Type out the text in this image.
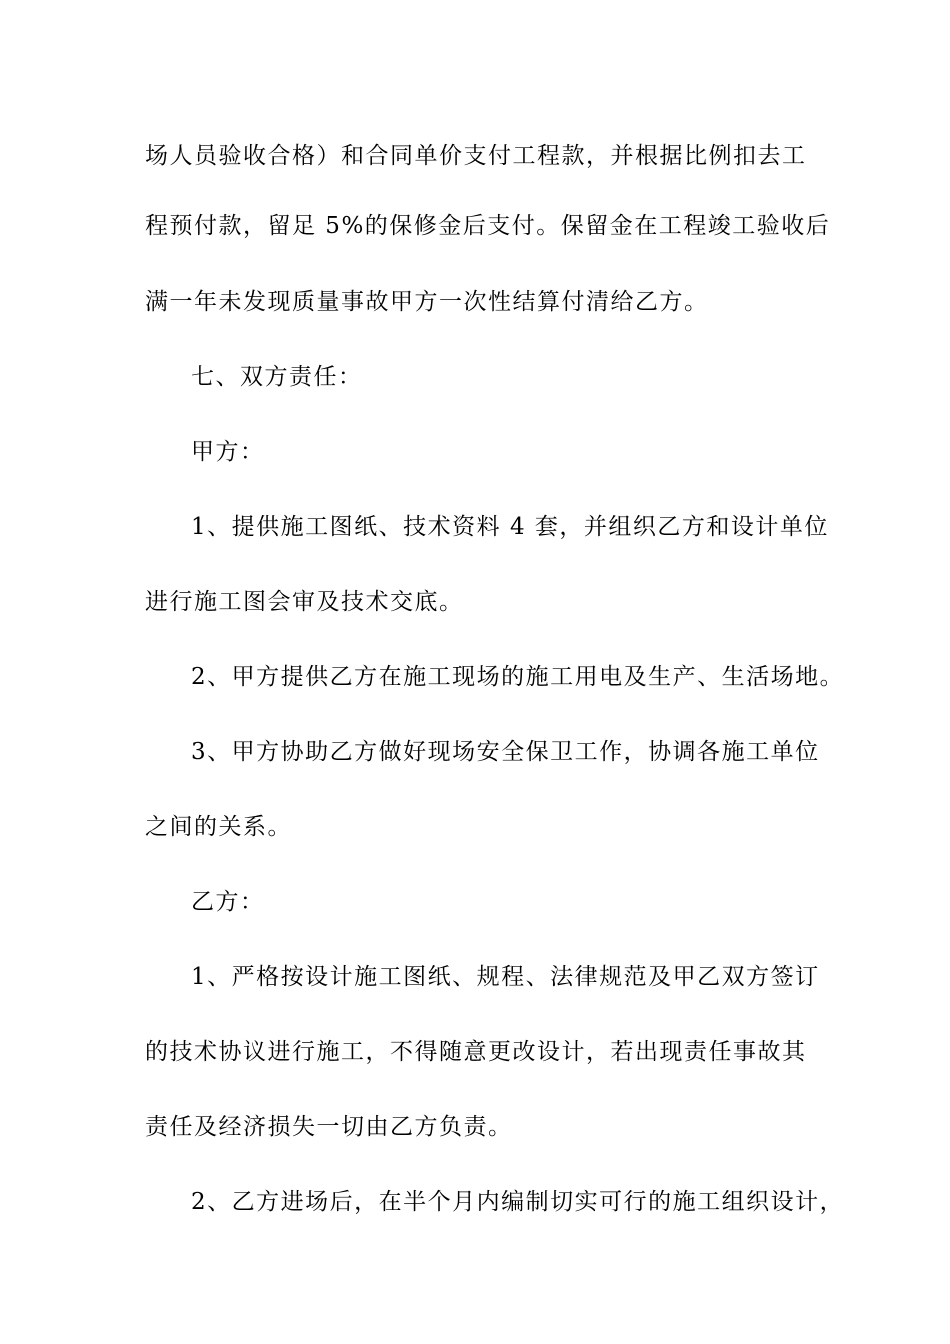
场人员验收合格）和合同单价支付工程款，并根据比例扣去工
程预付款，留足 5%的保修金后支付。保留金在工程竣工验收后
满一年未发现质量事故甲方一次性结算付清给乙方。
七、双方责任：
甲方：
1、提供施工图纸、技术资料 4 套，并组织乙方和设计单位
进行施工图会审及技术交底。
2、甲方提供乙方在施工现场的施工用电及生产、生活场地。
3、甲方协助乙方做好现场安全保卫工作，协调各施工单位
之间的关系。
乙方：
1、严格按设计施工图纸、规程、法律规范及甲乙双方签订
的技术协议进行施工，不得随意更改设计，若出现责任事故其
责任及经济损失一切由乙方负责。
2、乙方进场后，在半个月内编制切实可行的施工组织设计，
